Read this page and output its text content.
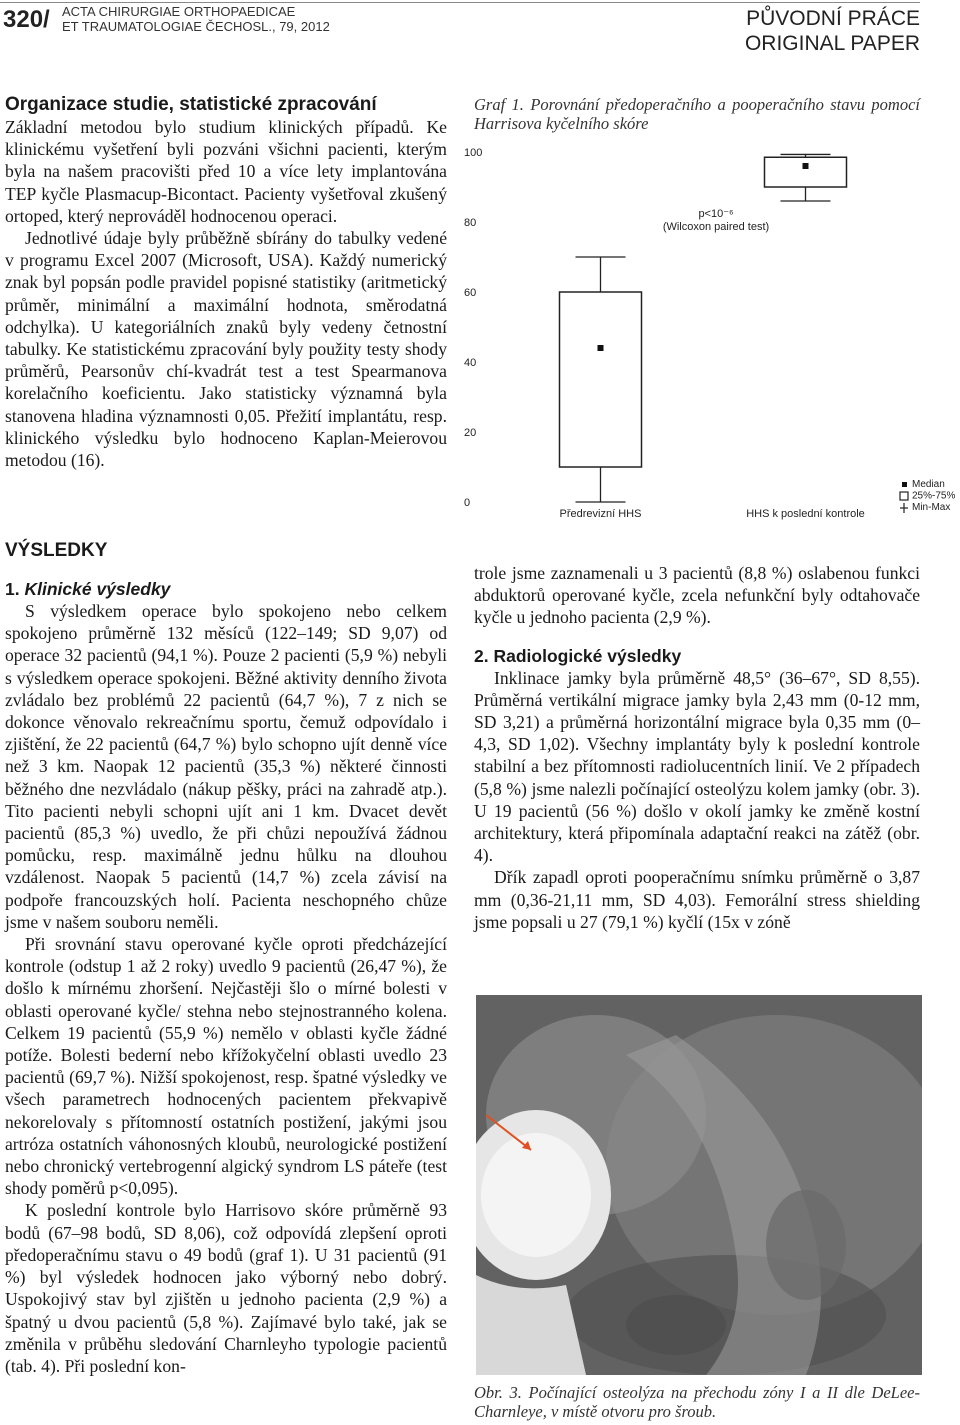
320/ ACTA CHIRURGIAE ORTHOPAEDICAE
ET TRAUMATOLOGIAE ČECHOSL., 79, 2012	PŮVODNÍ PRÁCE
ORIGINAL PAPER
Organizace studie, statistické zpracování

Základní metodou bylo studium klinických případů. Ke klinickému vyšetření byli pozváni všichni pacienti, kterým byla na našem pracovišti před 10 a více lety implantována TEP kyčle Plasmacup-Bicontact. Pacienty vyšetřoval zkušený ortoped, který neprováděl hodnocenou operaci.

Jednotlivé údaje byly průběžně sbírány do tabulky vedené v programu Excel 2007 (Microsoft, USA). Každý numerický znak byl popsán podle pravidel popisné statistiky (aritmetický průměr, minimální a maximální hodnota, směrodatná odchylka). U kategoriálních znaků byly vedeny četnostní tabulky. Ke statistickému zpracování byly použity testy shody průměrů, Pearsonův chí-kvadrát test a test Spearmanova korelačního koeficientu. Jako statisticky významná byla stanovena hladina významnosti 0,05. Přežití implantátu, resp. klinického výsledku bylo hodnoceno Kaplan-Meierovou metodou (16).

VÝSLEDKY
1. Klinické výsledky

S výsledkem operace bylo spokojeno nebo celkem spokojeno průměrně 132 měsíců (122–149; SD 9,07) od operace 32 pacientů (94,1 %). Pouze 2 pacienti (5,9 %) nebyli s výsledkem operace spokojeni. Běžné aktivity denního života zvládalo bez problémů 22 pacientů (64,7 %), 7 z nich se dokonce věnovalo rekreačnímu sportu, čemuž odpovídalo i zjištění, že 22 pacientů (64,7 %) bylo schopno ujít denně více než 3 km. Naopak 12 pacientů (35,3 %) některé činnosti běžného dne nezvládalo (nákup pěšky, práci na zahradě atp.). Tito pacienti nebyli schopni ujít ani 1 km. Dvacet devět pacientů (85,3 %) uvedlo, že při chůzi nepoužívá žádnou pomůcku, resp. maximálně jednu hůlku na dlouhou vzdálenost. Naopak 5 pacientů (14,7 %) zcela závisí na podpoře francouzských holí. Pacienta neschopného chůze jsme v našem souboru neměli.

Při srovnání stavu operované kyčle oproti předcházející kontrole (odstup 1 až 2 roky) uvedlo 9 pacientů (26,47 %), že došlo k mírnému zhoršení. Nejčastěji šlo o mírné bolesti v oblasti operované kyčle/ stehna nebo stejnostranného kolena. Celkem 19 pacientů (55,9 %) nemělo v oblasti kyčle žádné potíže. Bolesti bederní nebo křížokyčelní oblasti uvedlo 23 pacientů (69,7 %). Nižší spokojenost, resp. špatné výsledky ve všech parametrech hodnocených pacientem překvapivě nekorelovaly s přítomností ostatních postižení, jakými jsou artróza ostatních váhonosných kloubů, neurologické postižení nebo chronický vertebrogenní algický syndrom LS páteře (test shody poměrů p<0,095).

K poslední kontrole bylo Harrisovo skóre průměrně 93 bodů (67–98 bodů, SD 8,06), což odpovídá zlepšení oproti předoperačnímu stavu o 49 bodů (graf 1). U 31 pacientů (91 %) byl výsledek hodnocen jako výborný nebo dobrý. Uspokojivý stav byl zjištěn u jednoho pacienta (2,9 %) a špatný u dvou pacientů (5,8 %). Zajímavé bylo také, jak se změnila v průběhu sledování Charnleyho typologie pacientů (tab. 4). Při poslední kon-

Graf 1. Porovnání předoperačního a pooperačního stavu pomocí Harrisova kyčelního skóre

0
20
40
60
80
100
Předrevizní HHS	HHS k poslední kontrole
p<10⁻⁶
(Wilcoxon paired test)
Median
25%-75%
Min-Max

trole jsme zaznamenali u 3 pacientů (8,8 %) oslabenou funkci abduktorů operované kyčle, zcela nefunkční byly odtahovače kyčle u jednoho pacienta (2,9 %).

2. Radiologické výsledky

Inklinace jamky byla průměrně 48,5° (36–67°, SD 8,55). Průměrná vertikální migrace jamky byla 2,43 mm (0-12 mm, SD 3,21) a průměrná horizontální migrace byla 0,35 mm (0–4,3, SD 1,02). Všechny implantáty byly k poslední kontrole stabilní a bez přítomnosti radiolucentních linií. Ve 2 případech (5,8 %) jsme nalezli počínající osteolýzu kolem jamky (obr. 3). U 19 pacientů (56 %) došlo v okolí jamky ke změně kostní architektury, která připomínala adaptační reakci na zátěž (obr. 4).

Dřík zapadl oproti pooperačnímu snímku průměrně o 3,87 mm (0,36-21,11 mm, SD 4,03). Femorální stress shielding jsme popsali u 27 (79,1 %) kyčlí (15x v zóně

Obr. 3. Počínající osteolýza na přechodu zóny I a II dle DeLee-Charnleye, v místě otvoru pro šroub.
